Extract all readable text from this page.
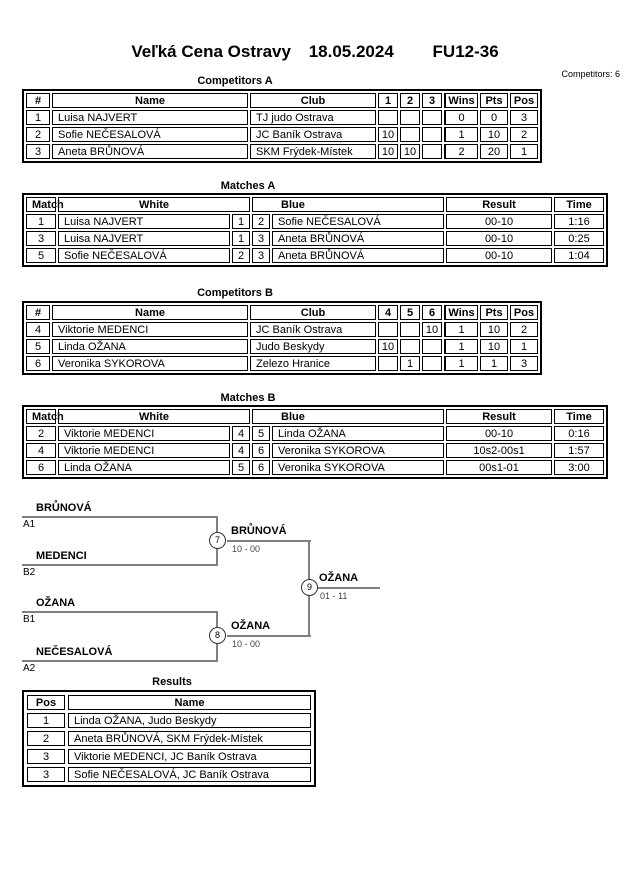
Veľká Cena Ostravy 18.05.2024 FU12-36
Competitors: 6
Competitors A
#	Name	Club	1	2	3	Wins	Pts	Pos
1	Luisa NAJVERT	TJ judo Ostrava				0	0	3
2	Sofie NEČESALOVÁ	JC Baník Ostrava	10			1	10	2
3	Aneta BRŮNOVÁ	SKM Frýdek-Místek	10	10		2	20	1
Matches A
Match	White		Blue		Result	Time
1	Luisa NAJVERT	1	2	Sofie NEČESALOVÁ	00-10	1:16
3	Luisa NAJVERT	1	3	Aneta BRŮNOVÁ	00-10	0:25
5	Sofie NEČESALOVÁ	2	3	Aneta BRŮNOVÁ	00-10	1:04
Competitors B
#	Name	Club	4	5	6	Wins	Pts	Pos
4	Viktorie MEDENCI	JC Baník Ostrava			10	1	10	2
5	Linda OŽANA	Judo Beskydy	10			1	10	1
6	Veronika SYKOROVA	Zelezo Hranice		1		1	1	3
Matches B
Match	White		Blue		Result	Time
2	Viktorie MEDENCI	4	5	Linda OŽANA	00-10	0:16
4	Viktorie MEDENCI	4	6	Veronika SYKOROVA	10s2-00s1	1:57
6	Linda OŽANA	5	6	Veronika SYKOROVA	00s1-01	3:00
BRŮNOVÁ
A1
MEDENCI
B2
7
BRŮNOVÁ
10 - 00
OŽANA
B1
NEČESALOVÁ
A2
8
OŽANA
10 - 00
9
OŽANA
01 - 11
Results
Pos	Name
1	Linda OŽANA, Judo Beskydy
2	Aneta BRŮNOVÁ, SKM Frýdek-Místek
3	Viktorie MEDENCI, JC Baník Ostrava
3	Sofie NEČESALOVÁ, JC Baník Ostrava
